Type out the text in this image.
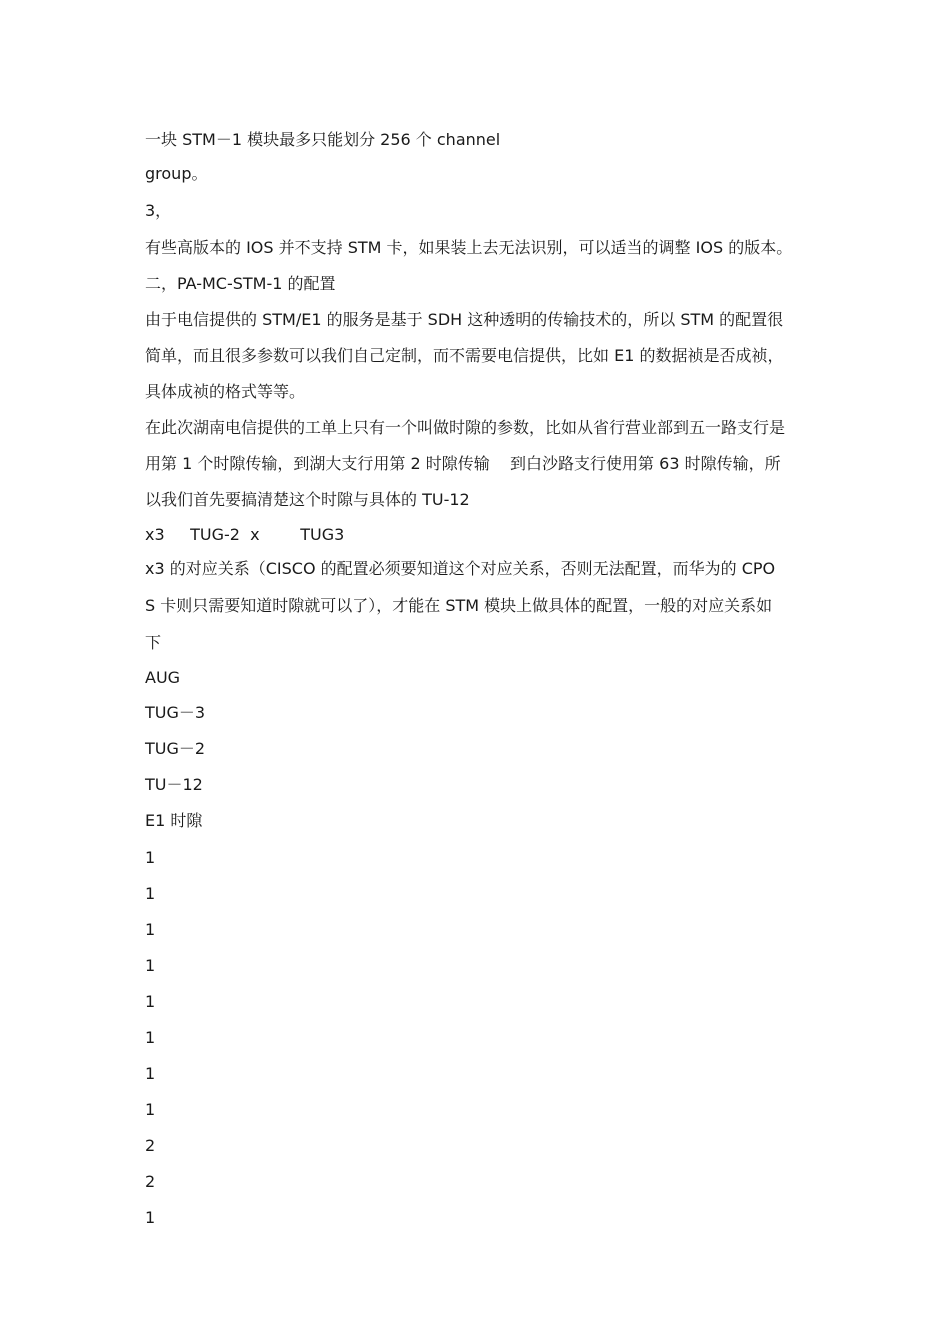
一块 STM－1 模块最多只能划分 256 个 channel
group。
3，
有些高版本的 IOS 并不支持 STM 卡，如果装上去无法识别，可以适当的调整 IOS 的版本。
二，PA-MC-STM-1 的配置
由于电信提供的 STM/E1 的服务是基于 SDH 这种透明的传输技术的，所以 STM 的配置很
简单，而且很多参数可以我们自己定制，而不需要电信提供，比如 E1 的数据祯是否成祯，
具体成祯的格式等等。
在此次湖南电信提供的工单上只有一个叫做时隙的参数，比如从省行营业部到五一路支行是
用第 1 个时隙传输，到湖大支行用第 2 时隙传输    到白沙路支行使用第 63 时隙传输，所
以我们首先要搞清楚这个时隙与具体的 TU-12
x3     TUG-2  x        TUG3
x3 的对应关系（CISCO 的配置必须要知道这个对应关系，否则无法配置，而华为的 CPO
S 卡则只需要知道时隙就可以了），才能在 STM 模块上做具体的配置，一般的对应关系如
下
AUG
TUG－3
TUG－2
TU－12
E1 时隙
1
1
1
1
1
1
1
1
2
2
1
